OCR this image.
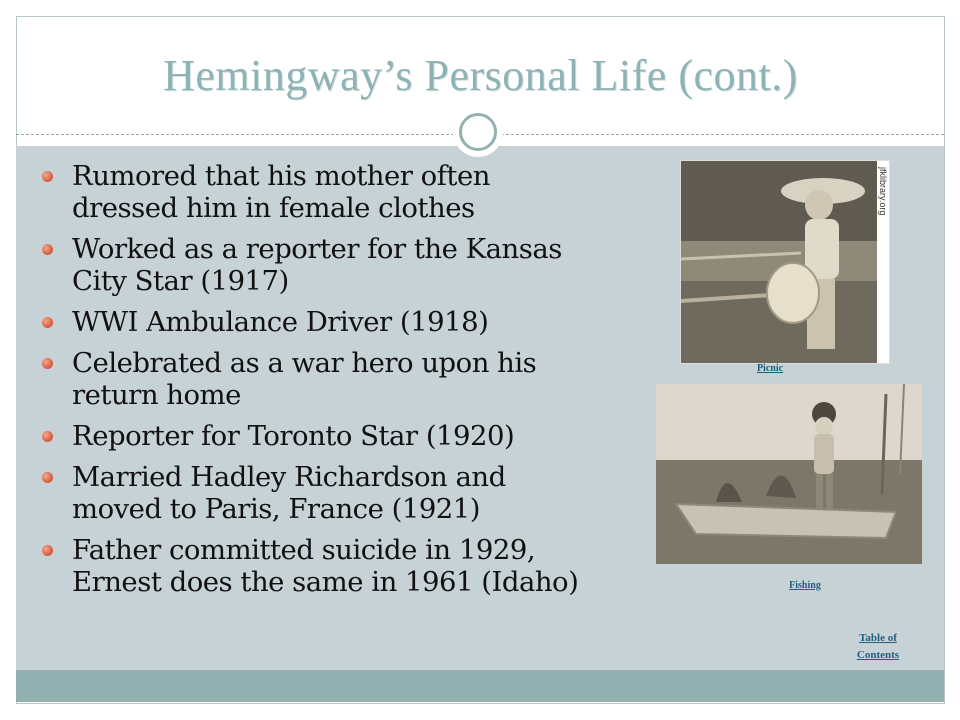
Hemingway’s Personal Life (cont.)
Rumored that his mother often
dressed him in female clothes
Worked as a reporter for the Kansas
City Star (1917)
WWI Ambulance Driver (1918)
Celebrated as a war hero upon his
return home
Reporter for Toronto Star (1920)
Married Hadley Richardson and
moved to Paris, France (1921)
Father committed suicide in 1929,
Ernest does the same in 1961 (Idaho)
jfklibrary.org
Picnic
Fishing
Table of
Contents
